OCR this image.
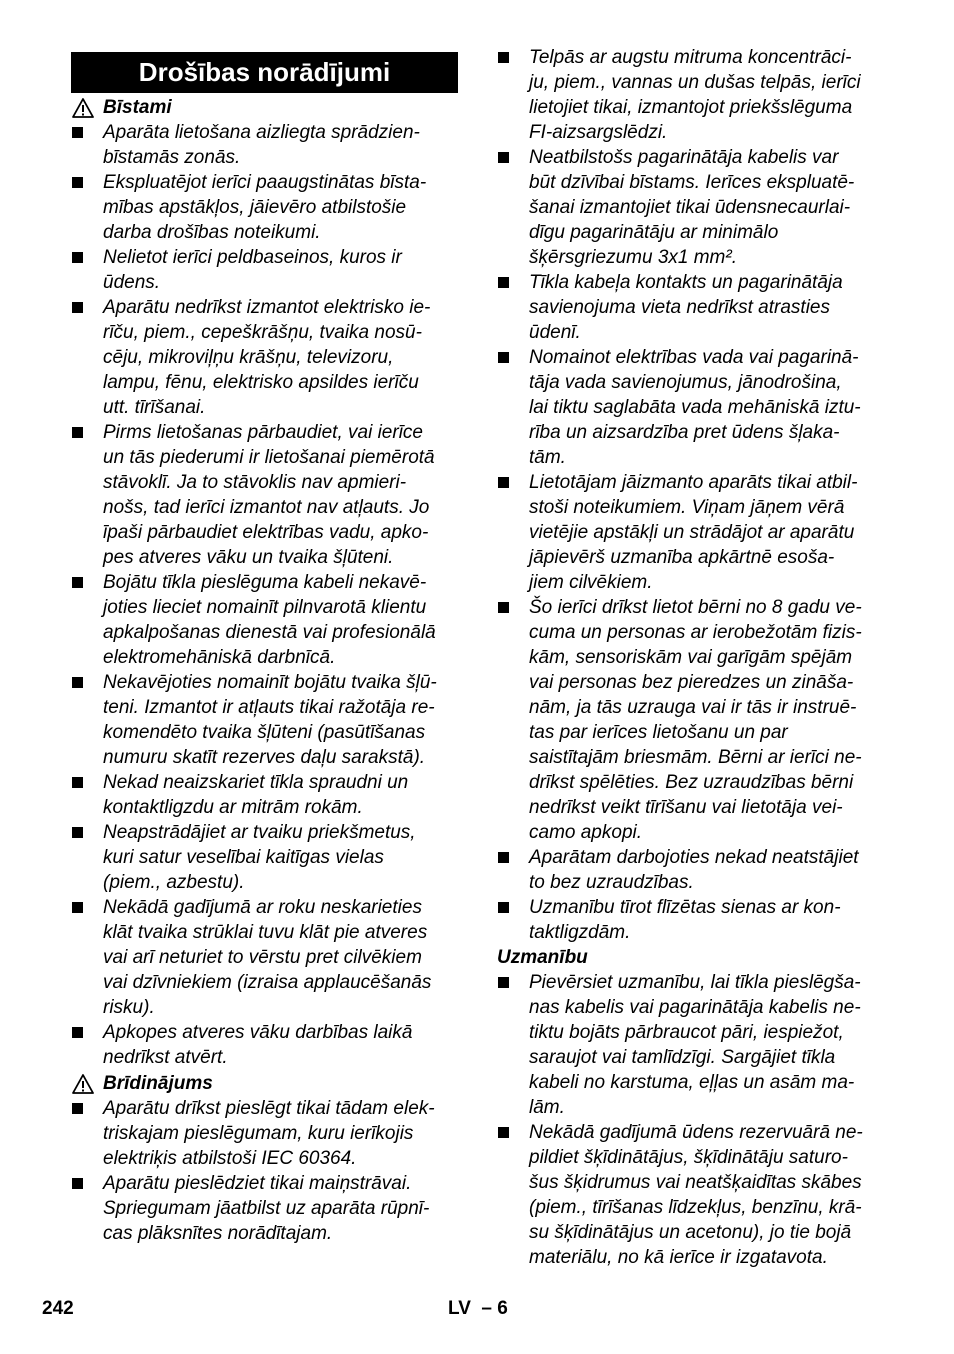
Drošības norādījumi
Bīstami
Aparāta lietošana aizliegta sprādzien-
bīstamās zonās.
Ekspluatējot ierīci paaugstinātas bīsta-
mības apstākļos, jāievēro atbilstošie
darba drošības noteikumi.
Nelietot ierīci peldbaseinos, kuros ir
ūdens.
Aparātu nedrīkst izmantot elektrisko ie-
rīču, piem., cepeškrāšņu, tvaika nosū-
cēju, mikroviļņu krāšņu, televizoru,
lampu, fēnu, elektrisko apsildes ierīču
utt. tīrīšanai.
Pirms lietošanas pārbaudiet, vai ierīce
un tās piederumi ir lietošanai piemērotā
stāvoklī. Ja to stāvoklis nav apmieri-
nošs, tad ierīci izmantot nav atļauts. Jo
īpaši pārbaudiet elektrības vadu, apko-
pes atveres vāku un tvaika šļūteni.
Bojātu tīkla pieslēguma kabeli nekavē-
joties lieciet nomainīt pilnvarotā klientu
apkalpošanas dienestā vai profesionālā
elektromehāniskā darbnīcā.
Nekavējoties nomainīt bojātu tvaika šļū-
teni. Izmantot ir atļauts tikai ražotāja re-
komendēto tvaika šļūteni (pasūtīšanas
numuru skatīt rezerves daļu sarakstā).
Nekad neaizskariet tīkla spraudni un
kontaktligzdu ar mitrām rokām.
Neapstrādājiet ar tvaiku priekšmetus,
kuri satur veselībai kaitīgas vielas
(piem., azbestu).
Nekādā gadījumā ar roku neskarieties
klāt tvaika strūklai tuvu klāt pie atveres
vai arī neturiet to vērstu pret cilvēkiem
vai dzīvniekiem (izraisa applaucēšanās
risku).
Apkopes atveres vāku darbības laikā
nedrīkst atvērt.
Brīdinājums
Aparātu drīkst pieslēgt tikai tādam elek-
triskajam pieslēgumam, kuru ierīkojis
elektriķis atbilstoši IEC 60364.
Aparātu pieslēdziet tikai maiņstrāvai.
Spriegumam jāatbilst uz aparāta rūpnī-
cas plāksnītes norādītajam.
Telpās ar augstu mitruma koncentrāci-
ju, piem., vannas un dušas telpās, ierīci
lietojiet tikai, izmantojot priekšslēguma
FI-aizsargslēdzi.
Neatbilstošs pagarinātāja kabelis var
būt dzīvībai bīstams. Ierīces ekspluatē-
šanai izmantojiet tikai ūdensnecaurlai-
dīgu pagarinātāju ar minimālo
šķērsgriezumu 3x1 mm².
Tīkla kabeļa kontakts un pagarinātāja
savienojuma vieta nedrīkst atrasties
ūdenī.
Nomainot elektrības vada vai pagarinā-
tāja vada savienojumus, jānodrošina,
lai tiktu saglabāta vada mehāniskā iztu-
rība un aizsardzība pret ūdens šļaka-
tām.
Lietotājam jāizmanto aparāts tikai atbil-
stoši noteikumiem. Viņam jāņem vērā
vietējie apstākļi un strādājot ar aparātu
jāpievērš uzmanība apkārtnē esoša-
jiem cilvēkiem.
Šo ierīci drīkst lietot bērni no 8 gadu ve-
cuma un personas ar ierobežotām fizis-
kām, sensoriskām vai garīgām spējām
vai personas bez pieredzes un zināša-
nām, ja tās uzrauga vai ir tās ir instruē-
tas par ierīces lietošanu un par
saistītajām briesmām. Bērni ar ierīci ne-
drīkst spēlēties. Bez uzraudzības bērni
nedrīkst veikt tīrīšanu vai lietotāja vei-
camo apkopi.
Aparātam darbojoties nekad neatstājiet
to bez uzraudzības.
Uzmanību tīrot flīzētas sienas ar kon-
taktligzdām.
Uzmanību
Pievērsiet uzmanību, lai tīkla pieslēgša-
nas kabelis vai pagarinātāja kabelis ne-
tiktu bojāts pārbraucot pāri, iespiežot,
saraujot vai tamlīdzīgi. Sargājiet tīkla
kabeli no karstuma, eļļas un asām ma-
lām.
Nekādā gadījumā ūdens rezervuārā ne-
pildiet šķīdinātājus, šķīdinātāju saturo-
šus šķidrumus vai neatšķaidītas skābes
(piem., tīrīšanas līdzekļus, benzīnu, krā-
su šķīdinātājus un acetonu), jo tie bojā
materiālu, no kā ierīce ir izgatavota.
242	LV  – 6
